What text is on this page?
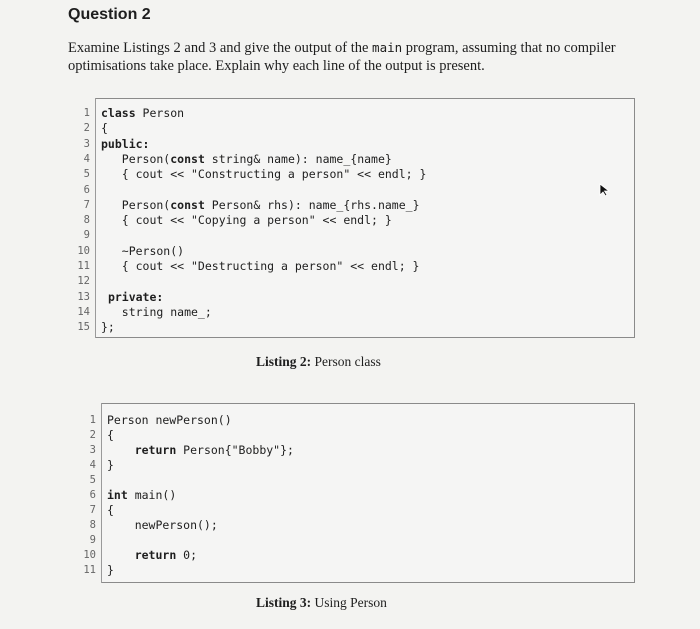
Question 2
Examine Listings 2 and 3 and give the output of the main program, assuming that no compiler optimisations take place. Explain why each line of the output is present.
1 class Person
2 {
3 public:
4 Person(const string& name): name_{name}
5 { cout << "Constructing a person" << endl; }
6
7 Person(const Person& rhs): name_{rhs.name_}
8 { cout << "Copying a person" << endl; }
9
10 ~Person()
11 { cout << "Destructing a person" << endl; }
12
13	private:
14 string name_;
15 };
Listing 2: Person class
1 Person newPerson()
2 {
3	return Person{"Bobby"};
4 }
5
6 int main()
7 {
8 newPerson();
9
10	return 0;
11 }
Listing 3: Using Person
